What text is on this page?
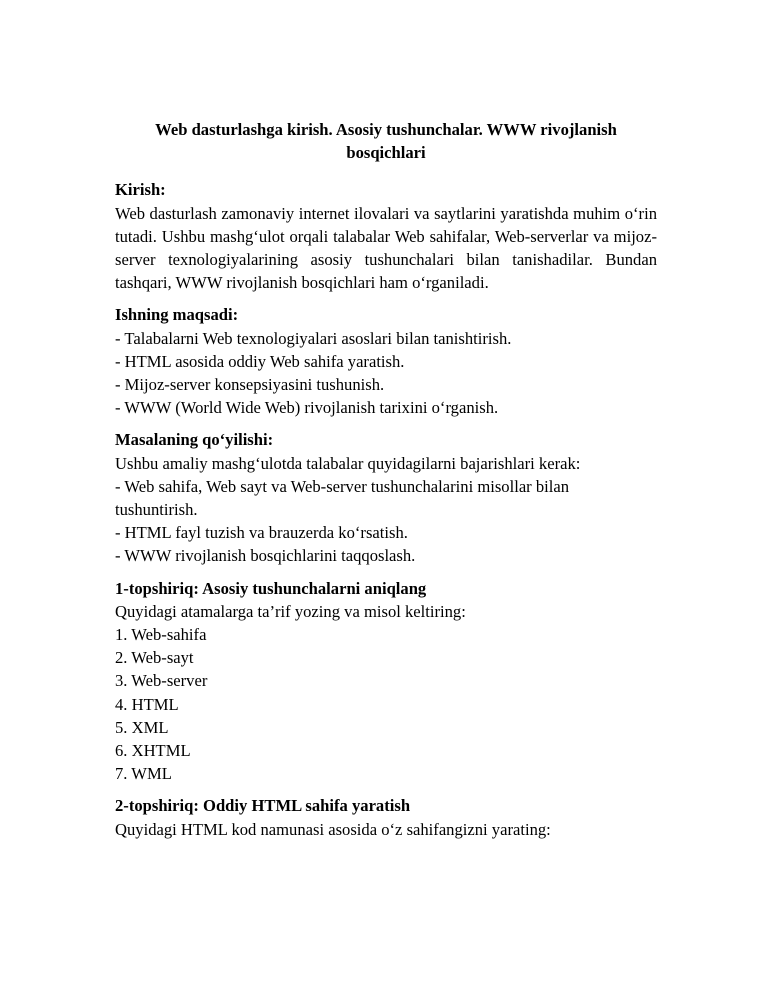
Web dasturlashga kirish. Asosiy tushunchalar. WWW rivojlanish bosqichlari
Kirish:
Web dasturlash zamonaviy internet ilovalari va saytlarini yaratishda muhim o‘rin tutadi. Ushbu mashg‘ulot orqali talabalar Web sahifalar, Web-serverlar va mijoz-server texnologiyalarining asosiy tushunchalari bilan tanishadilar. Bundan tashqari, WWW rivojlanish bosqichlari ham o‘rganiladi.
Ishning maqsadi:
- Talabalarni Web texnologiyalari asoslari bilan tanishtirish.
- HTML asosida oddiy Web sahifa yaratish.
- Mijoz-server konsepsiyasini tushunish.
- WWW (World Wide Web) rivojlanish tarixini o‘rganish.
Masalaning qo‘yilishi:
Ushbu amaliy mashg‘ulotda talabalar quyidagilarni bajarishlari kerak:
- Web sahifa, Web sayt va Web-server tushunchalarini misollar bilan tushuntirish.
- HTML fayl tuzish va brauzerda ko‘rsatish.
- WWW rivojlanish bosqichlarini taqqoslash.
1-topshiriq: Asosiy tushunchalarni aniqlang
Quyidagi atamalarga ta’rif yozing va misol keltiring:
1. Web-sahifa
2. Web-sayt
3. Web-server
4. HTML
5. XML
6. XHTML
7. WML
2-topshiriq: Oddiy HTML sahifa yaratish
Quyidagi HTML kod namunasi asosida o‘z sahifangizni yarating:
